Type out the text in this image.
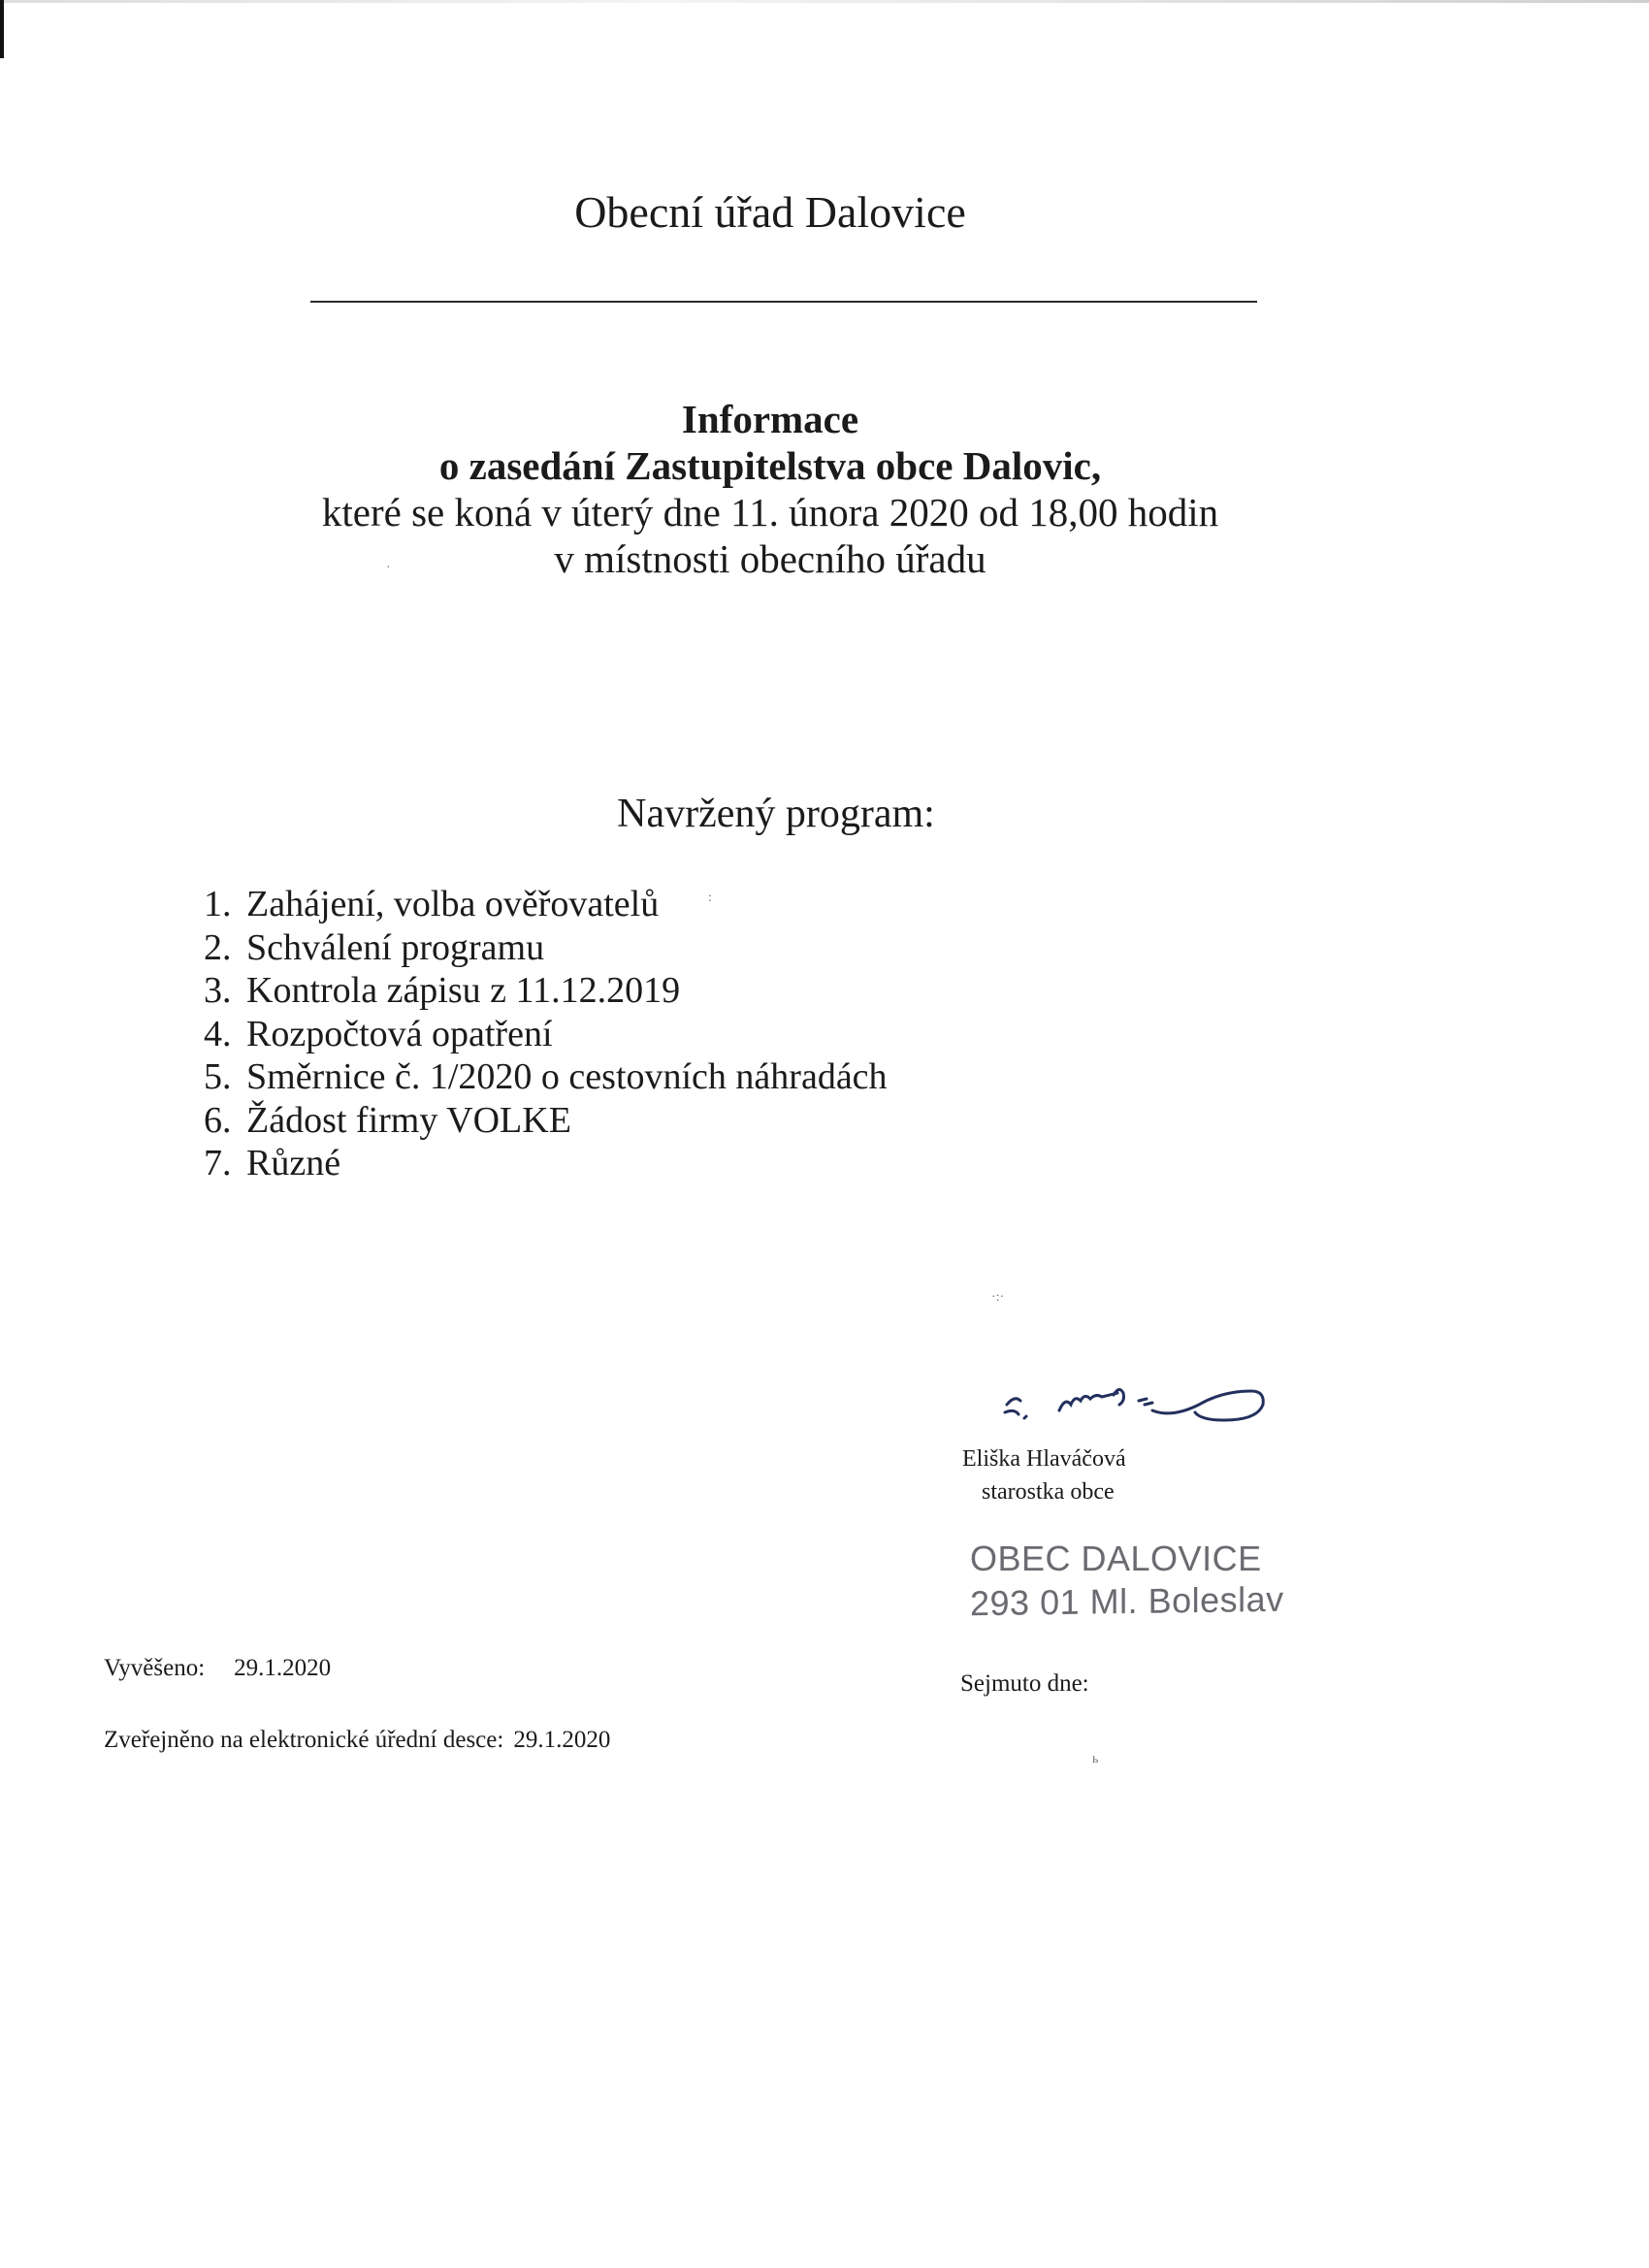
Obecní úřad Dalovice
Informace
o zasedání Zastupitelstva obce Dalovic,
které se koná v úterý dne 11. února 2020 od 18,00 hodin
v místnosti obecního úřadu
Navržený program:
1. Zahájení, volba ověřovatelů
2. Schválení programu
3. Kontrola zápisu z 11.12.2019
4. Rozpočtová opatření
5. Směrnice č. 1/2020 o cestovních náhradách
6. Žádost firmy VOLKE
7. Různé
Eliška Hlaváčová
starostka obce
OBEC DALOVICE
293 01 Ml. Boleslav
Vyvěšeno: 29.1.2020
Sejmuto dne:
Zveřejněno na elektronické úřední desce: 29.1.2020
·
:
·:·
ь
